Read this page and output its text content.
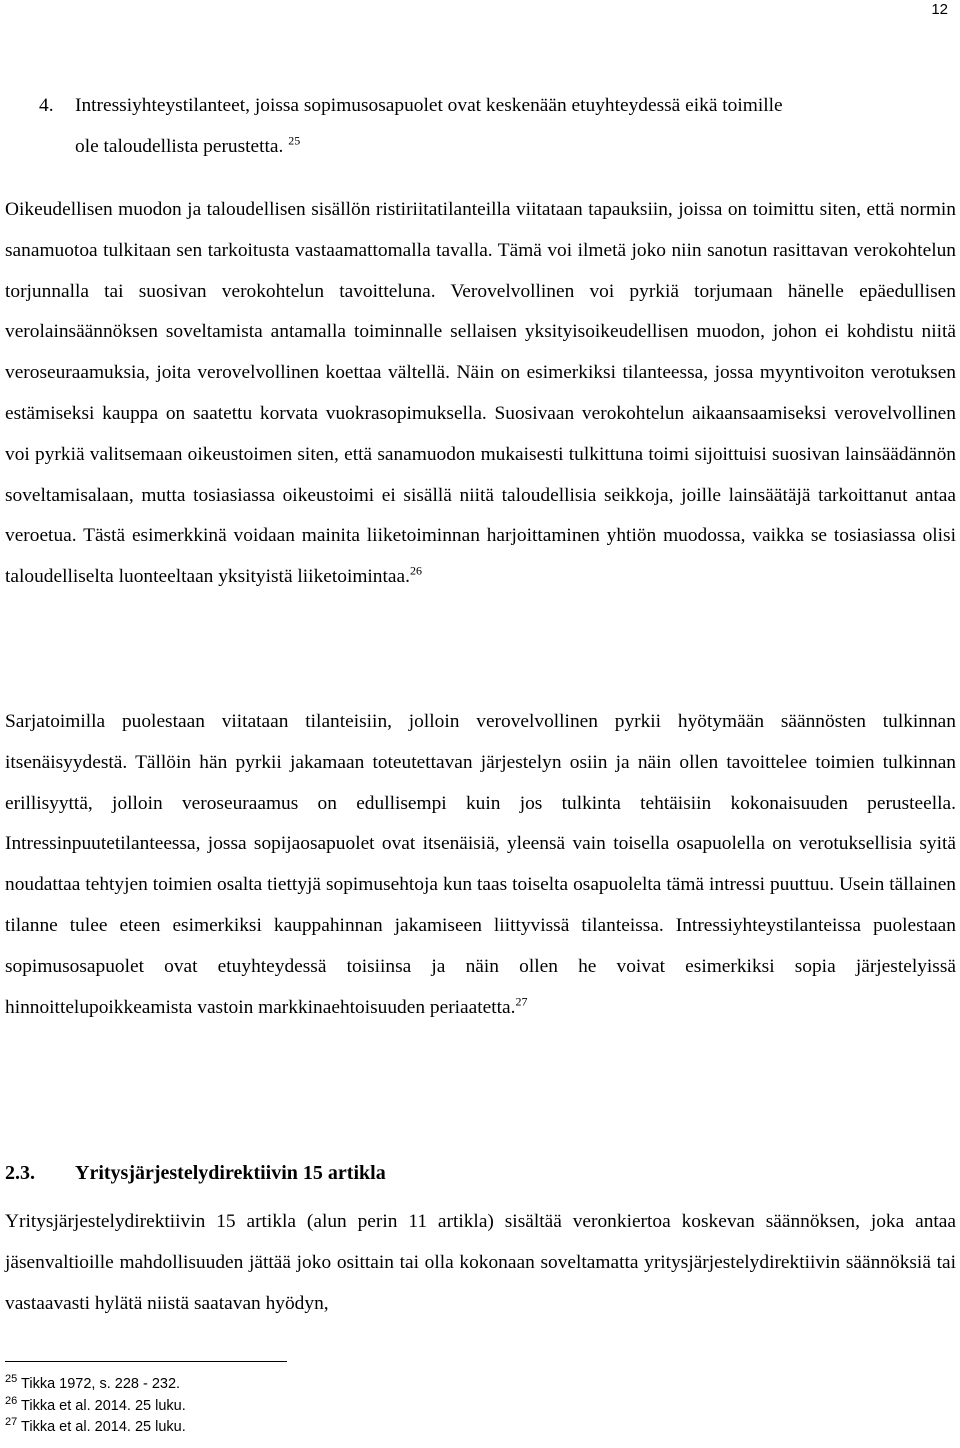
12
4.	Intressiyhteystilanteet, joissa sopimusosapuolet ovat keskenään etuyhteydessä eikä toimille
ole taloudellista perustetta. $^{25}$

Oikeudellisen muodon ja taloudellisen sisällön ristiriitatilanteilla viitataan tapauksiin, joissa on toimittu siten, että normin sanamuotoa tulkitaan sen tarkoitusta vastaamattomalla tavalla. Tämä voi ilmetä joko niin sanotun rasittavan verokohtelun torjunnalla tai suosivan verokohtelun tavoitteluna. Verovelvollinen voi pyrkiä torjumaan hänelle epäedullisen verolainsäännöksen soveltamista antamalla toiminnalle sellaisen yksityisoikeudellisen muodon, johon ei kohdistu niitä veroseuraamuksia, joita verovelvollinen koettaa vältellä. Näin on esimerkiksi tilanteessa, jossa myyntivoiton verotuksen estämiseksi kauppa on saatettu korvata vuokrasopimuksella. Suosivaan verokohtelun aikaansaamiseksi verovelvollinen voi pyrkiä valitsemaan oikeustoimen siten, että sanamuodon mukaisesti tulkittuna toimi sijoittuisi suosivan lainsäädännön soveltamisalaan, mutta tosiasiassa oikeustoimi ei sisällä niitä taloudellisia seikkoja, joille lainsäätäjä tarkoittanut antaa veroetua. Tästä esimerkkinä voidaan mainita liiketoiminnan harjoittaminen yhtiön muodossa, vaikka se tosiasiassa olisi taloudelliselta luonteeltaan yksityistä liiketoimintaa.$^{26}$

Sarjatoimilla puolestaan viitataan tilanteisiin, jolloin verovelvollinen pyrkii hyötymään säännösten tulkinnan itsenäisyydestä. Tällöin hän pyrkii jakamaan toteutettavan järjestelyn osiin ja näin ollen tavoittelee toimien tulkinnan erillisyyttä, jolloin veroseuraamus on edullisempi kuin jos tulkinta tehtäisiin kokonaisuuden perusteella. Intressinpuutetilanteessa, jossa sopijaosapuolet ovat itsenäisiä, yleensä vain toisella osapuolella on verotuksellisia syitä noudattaa tehtyjen toimien osalta tiettyjä sopimusehtoja kun taas toiselta osapuolelta tämä intressi puuttuu. Usein tällainen tilanne tulee eteen esimerkiksi kauppahinnan jakamiseen liittyvissä tilanteissa. Intressiyhteystilanteissa puolestaan sopimusosapuolet ovat etuyhteydessä toisiinsa ja näin ollen he voivat esimerkiksi sopia järjestelyissä hinnoittelupoikkeamista vastoin markkinaehtoisuuden periaatetta.$^{27}$

2.3. Yritysjärjestelydirektiivin 15 artikla

Yritysjärjestelydirektiivin 15 artikla (alun perin 11 artikla) sisältää veronkiertoa koskevan säännöksen, joka antaa jäsenvaltioille mahdollisuuden jättää joko osittain tai olla kokonaan soveltamatta yritysjärjestelydirektiivin säännöksiä tai vastaavasti hylätä niistä saatavan hyödyn,

$^{25}$ Tikka 1972, s. 228 - 232.
$^{26}$ Tikka et al. 2014. 25 luku.
$^{27}$ Tikka et al. 2014. 25 luku.
